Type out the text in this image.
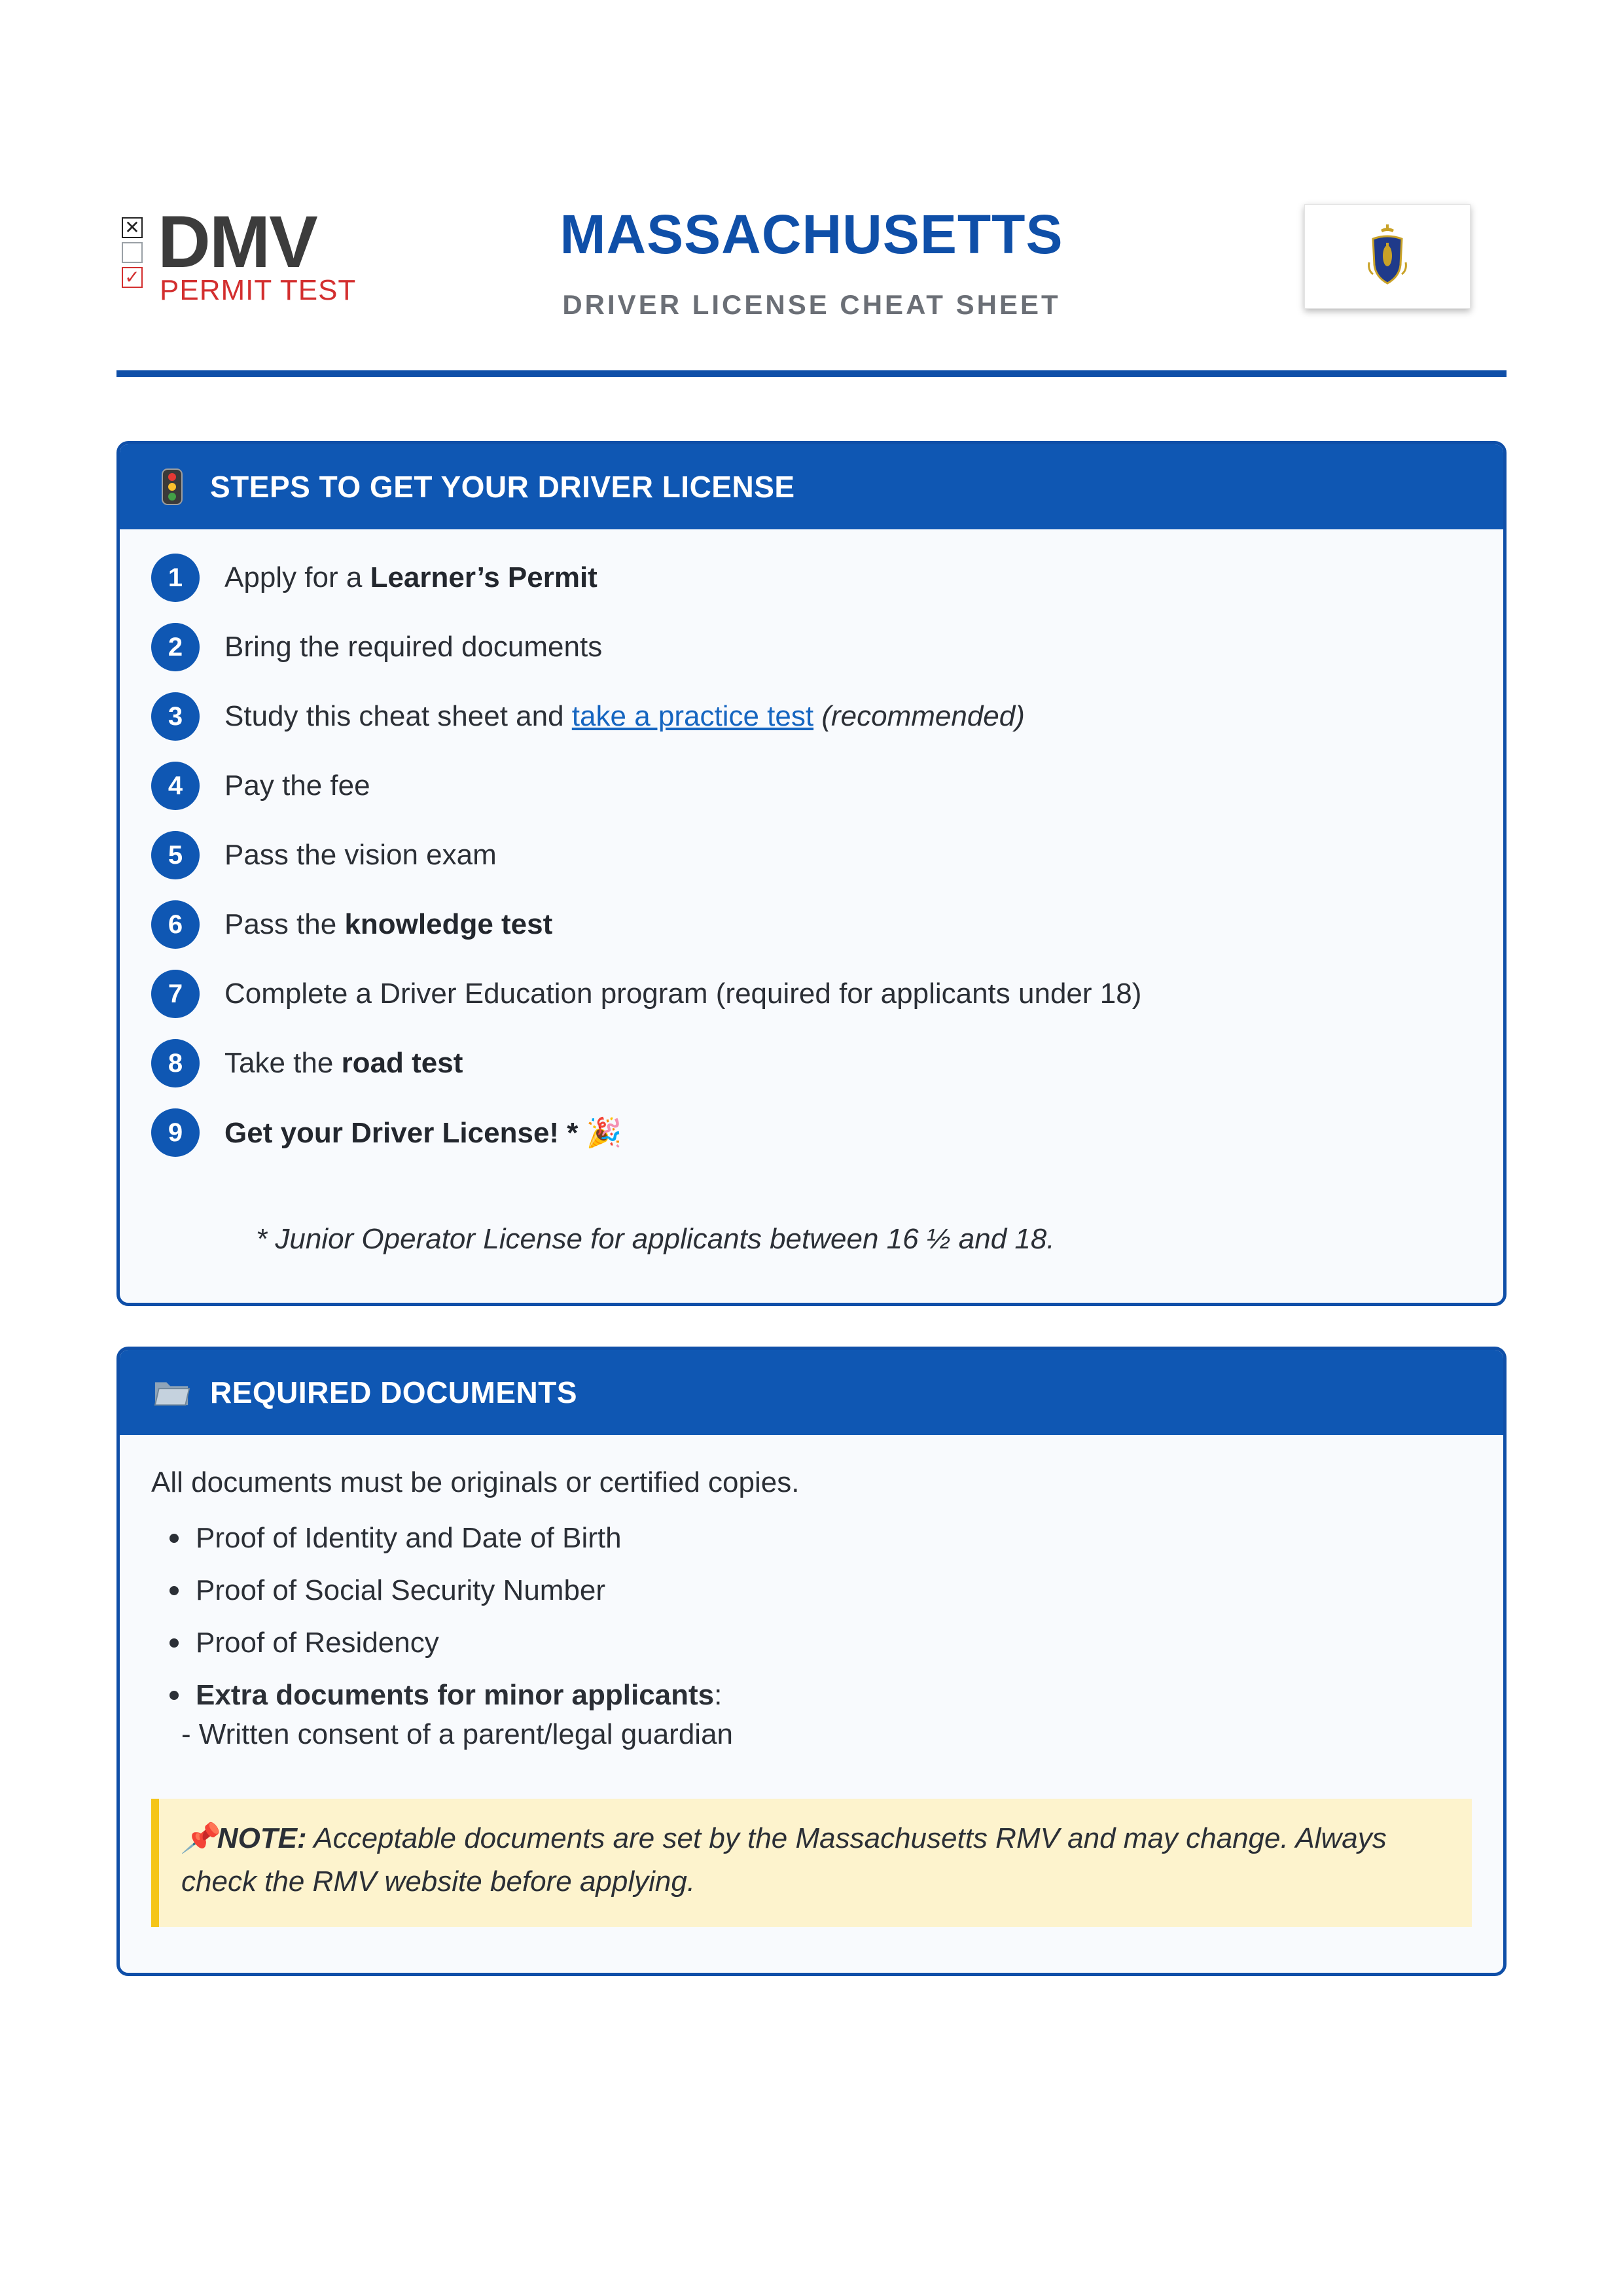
✕
✓ DMV
PERMIT TEST
MASSACHUSETTS
DRIVER LICENSE CHEAT SHEET
STEPS TO GET YOUR DRIVER LICENSE
1	Apply for a Learner’s Permit
2	Bring the required documents
3	Study this cheat sheet and take a practice test (recommended)
4	Pay the fee
5	Pass the vision exam
6	Pass the knowledge test
7	Complete a Driver Education program (required for applicants under 18)
8	Take the road test
9	Get your Driver License! * 🎉
* Junior Operator License for applicants between 16 ½ and 18.
REQUIRED DOCUMENTS
All documents must be originals or certified copies.
Proof of Identity and Date of Birth
Proof of Social Security Number
Proof of Residency
Extra documents for minor applicants :
- Written consent of a parent/legal guardian
📌NOTE: Acceptable documents are set by the Massachusetts RMV and may change. Always
check the RMV website before applying.
